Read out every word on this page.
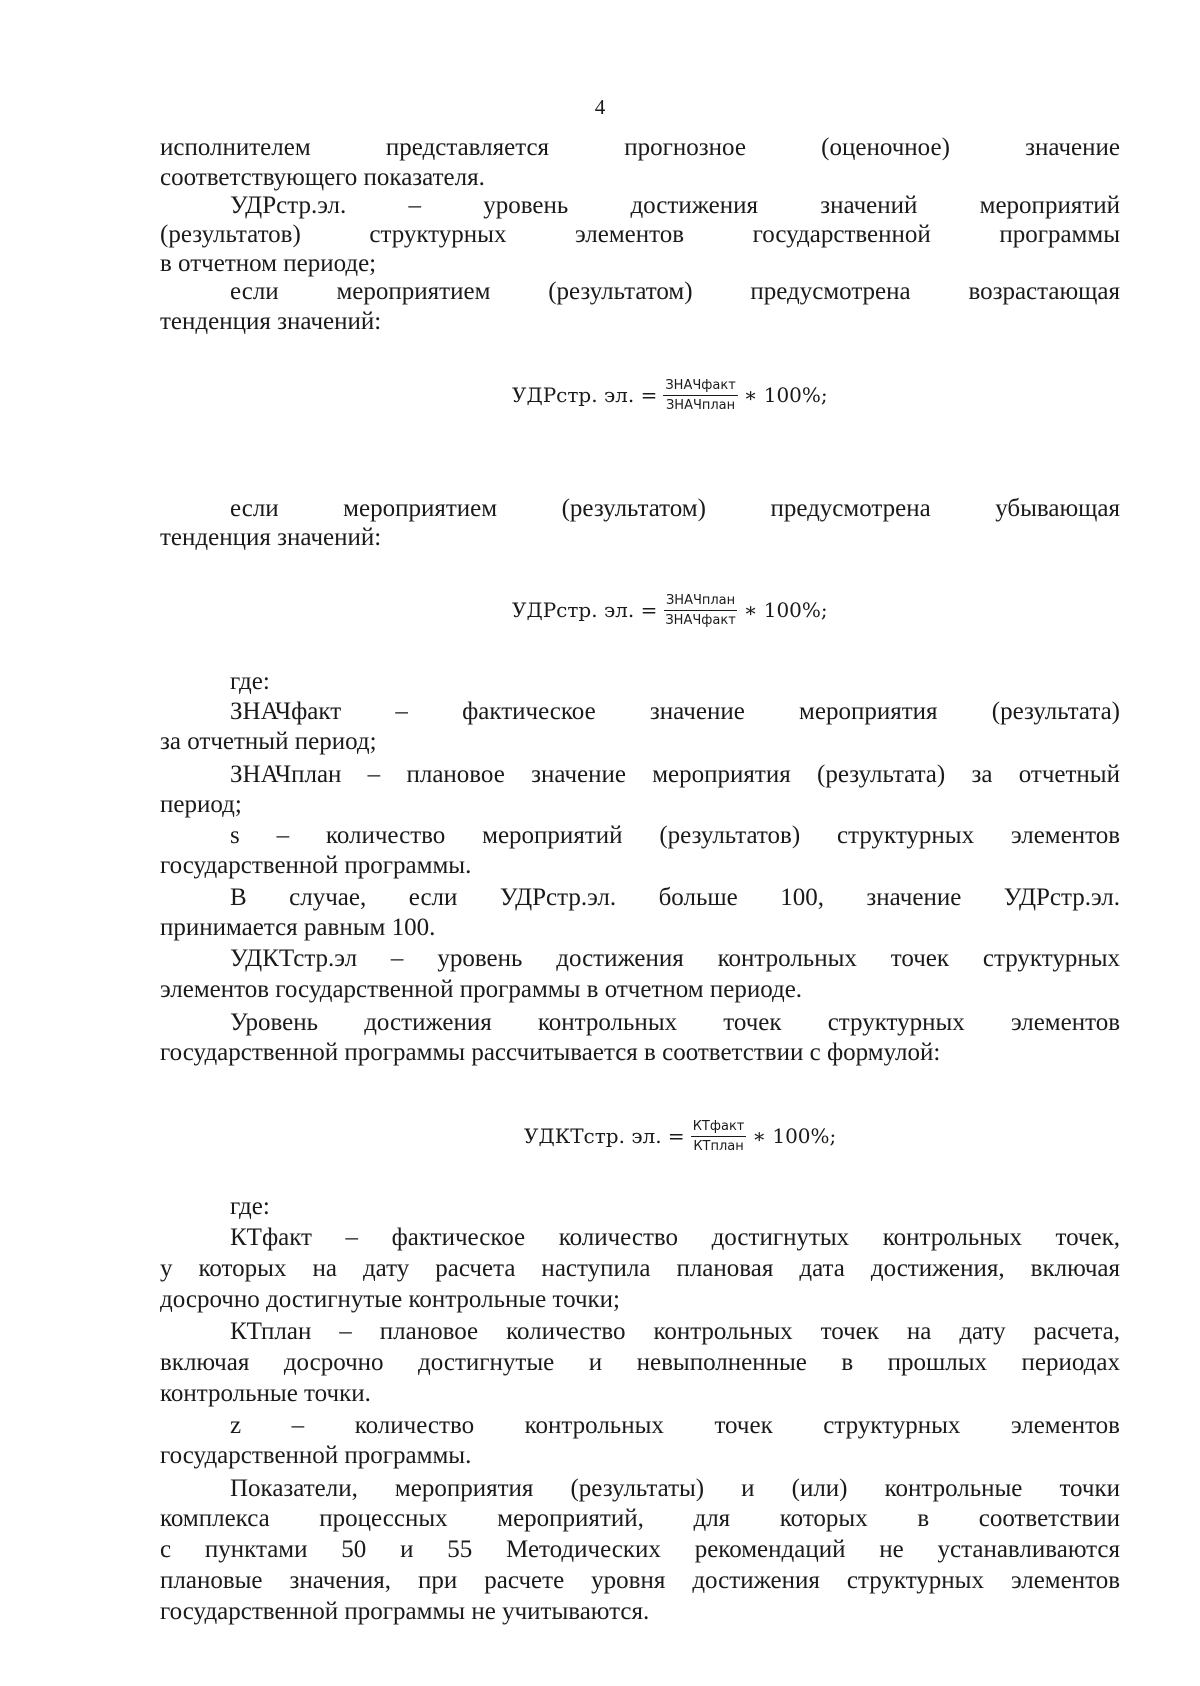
4
исполнителем представляется прогнозное (оценочное) значение
соответствующего показателя.
УДРстр.эл. – уровень достижения значений мероприятий
(результатов) структурных элементов государственной программы
в отчетном периоде;
если мероприятием (результатом) предусмотрена возрастающая
тенденция значений:
УДРстр. эл. = $\frac{\text{ЗНАЧфакт}}{\text{ЗНАЧплан}}$ ∗ 100%;
если мероприятием (результатом) предусмотрена убывающая
тенденция значений:
УДРстр. эл. = $\frac{\text{ЗНАЧплан}}{\text{ЗНАЧфакт}}$ ∗ 100%;
где:
ЗНАЧфакт – фактическое значение мероприятия (результата)
за отчетный период;
ЗНАЧплан – плановое значение мероприятия (результата) за отчетный
период;
s – количество мероприятий (результатов) структурных элементов
государственной программы.
В случае, если УДРстр.эл. больше 100, значение УДРстр.эл.
принимается равным 100.
УДКТстр.эл – уровень достижения контрольных точек структурных
элементов государственной программы в отчетном периоде.
Уровень достижения контрольных точек структурных элементов
государственной программы рассчитывается в соответствии с формулой:
УДКТстр. эл. = $\frac{\text{КТфакт}}{\text{КТплан}}$ ∗ 100%;
где:
КТфакт – фактическое количество достигнутых контрольных точек,
у которых на дату расчета наступила плановая дата достижения, включая
досрочно достигнутые контрольные точки;
КТплан – плановое количество контрольных точек на дату расчета,
включая досрочно достигнутые и невыполненные в прошлых периодах
контрольные точки.
z – количество контрольных точек структурных элементов
государственной программы.
Показатели, мероприятия (результаты) и (или) контрольные точки
комплекса процессных мероприятий, для которых в соответствии
с пунктами 50 и 55 Методических рекомендаций не устанавливаются
плановые значения, при расчете уровня достижения структурных элементов
государственной программы не учитываются.
